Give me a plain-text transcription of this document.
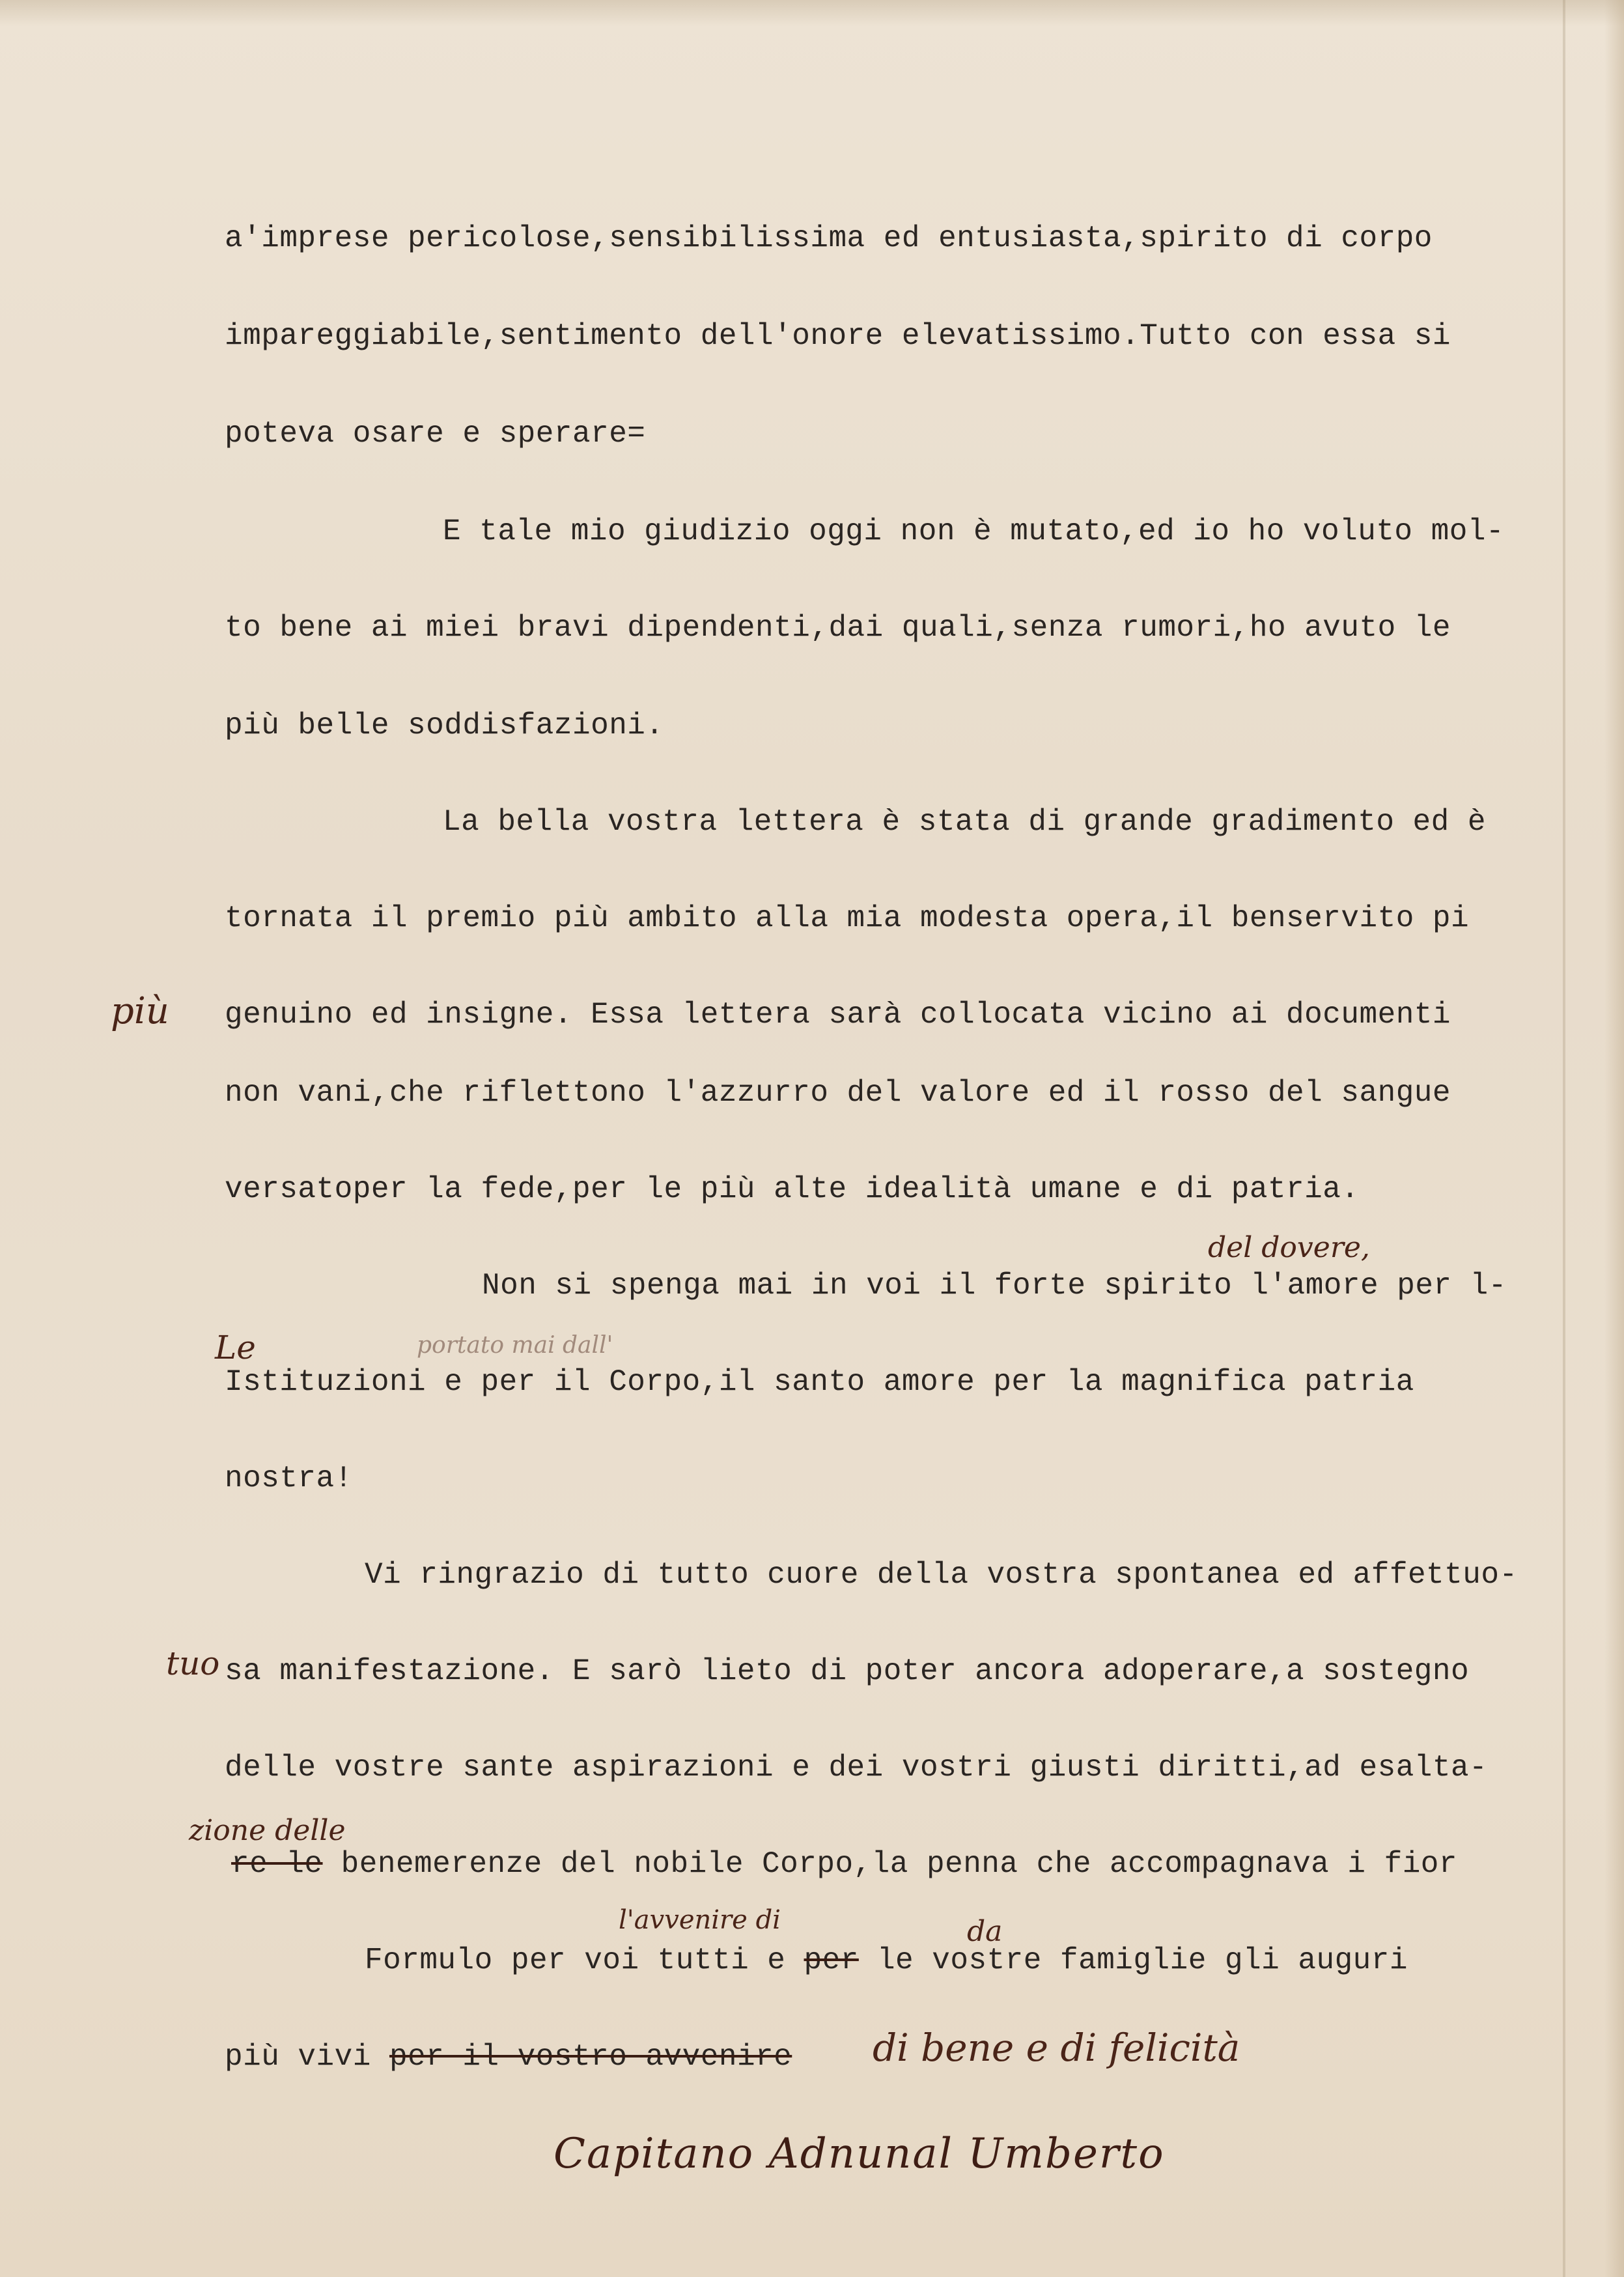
a'imprese pericolose,sensibilissima ed entusiasta,spirito di corpo
impareggiabile,sentimento dell'onore elevatissimo.Tutto con essa si
poteva osare e sperare=
E tale mio giudizio oggi non è mutato,ed io ho voluto mol-
to bene ai miei bravi dipendenti,dai quali,senza rumori,ho avuto le
più belle soddisfazioni.
La bella vostra lettera è stata di grande gradimento ed è
tornata il premio più ambito alla mia modesta opera,il benservito pi
genuino ed insigne. Essa lettera sarà collocata vicino ai documenti
non vani,che riflettono l'azzurro del valore ed il rosso del sangue
versatoper la fede,per le più alte idealità umane e di patria.
Non si spenga mai in voi il forte spirito l'amore per l-
Istituzioni e per il Corpo,il santo amore per la magnifica patria
nostra!
Vi ringrazio di tutto cuore della vostra spontanea ed affettuo-
sa manifestazione. E sarò lieto di poter ancora adoperare,a sostegno
delle vostre sante aspirazioni e dei vostri giusti diritti,ad esalta-
re le benemerenze del nobile Corpo,la penna che accompagnava i fior
Formulo per voi tutti e per le vostre famiglie gli auguri
più vivi per il vostro avvenire
più
tuo
Le
del dovere,
portato mai dall'
zione delle
l'avvenire di	da
di bene e di felicità
Capitano Adnunal Umberto
